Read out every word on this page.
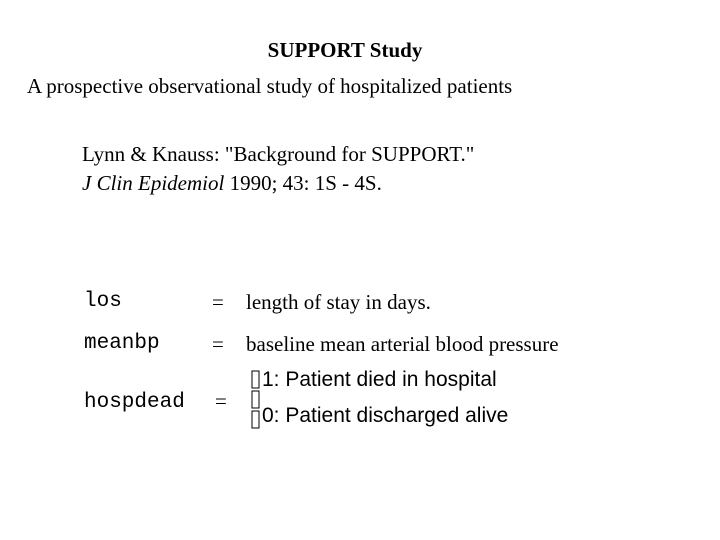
SUPPORT Study
A prospective observational study of hospitalized patients
Lynn & Knauss: "Background for SUPPORT."
J Clin Epidemiol 1990; 43: 1S - 4S.
los	= length of stay in days.
meanbp = baseline mean arterial blood pressure
hospdead =
1: Patient died in hospital
0: Patient discharged alive
